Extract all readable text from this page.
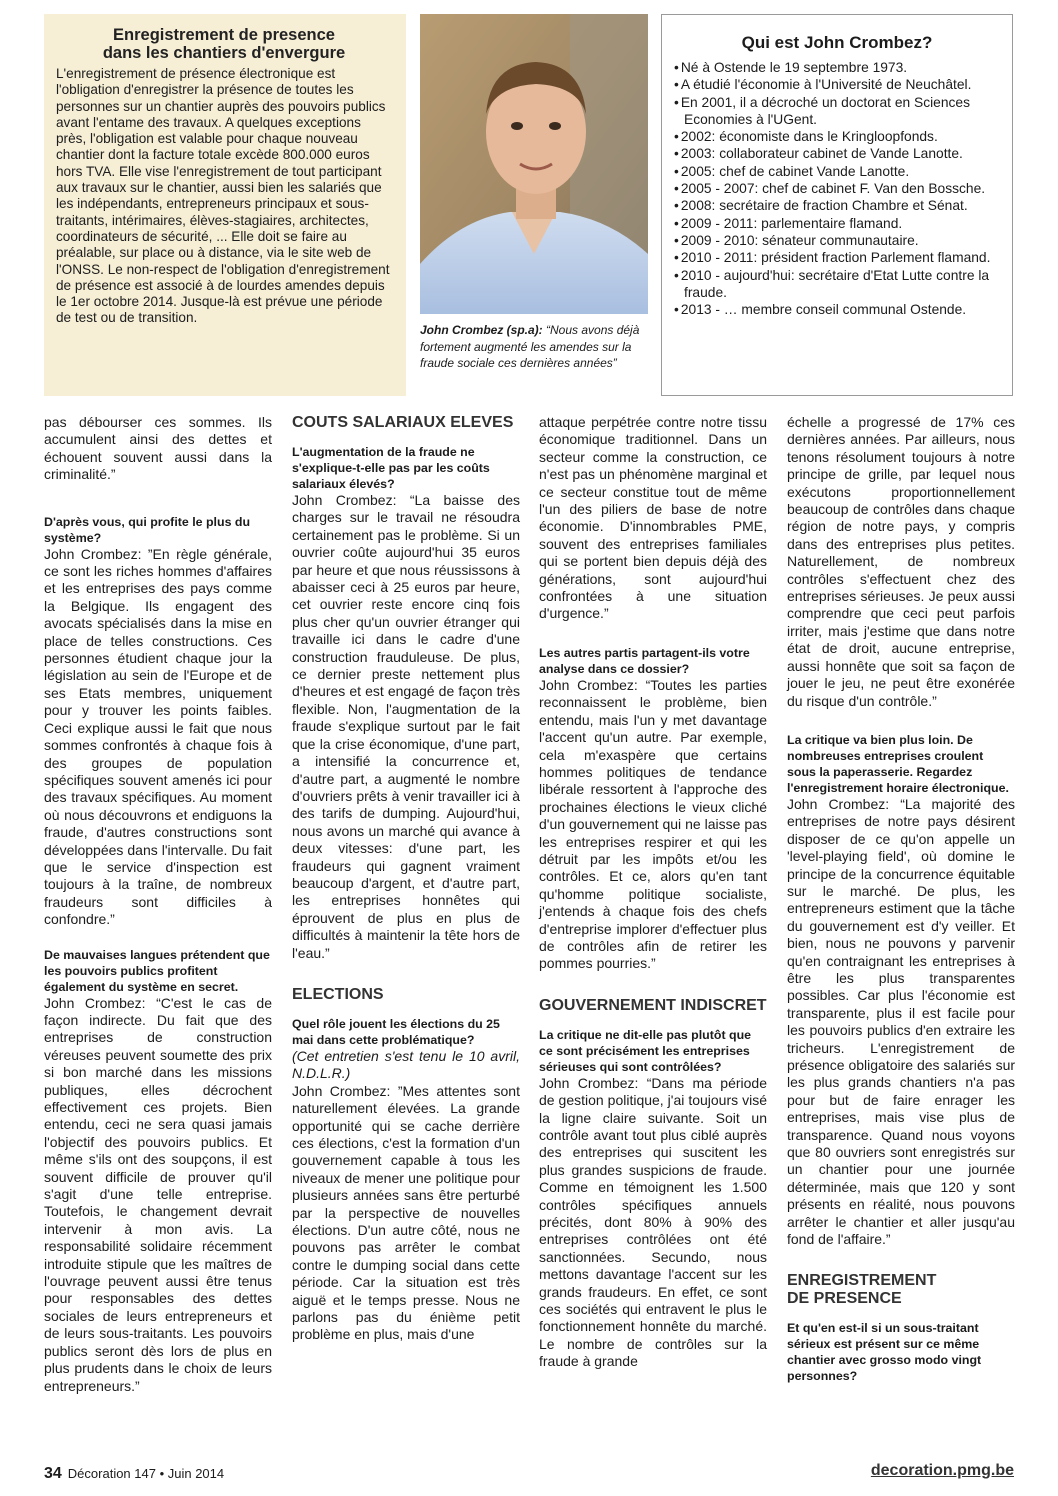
Enregistrement de presence
dans les chantiers d'envergure

L'enregistrement de présence électronique est l'obligation d'enregistrer la présence de toutes les personnes sur un chantier auprès des pouvoirs publics avant l'entame des travaux. A quelques exceptions près, l'obligation est valable pour chaque nouveau chantier dont la facture totale excède 800.000 euros hors TVA. Elle vise l'enregistrement de tout participant aux travaux sur le chantier, aussi bien les salariés que les indépendants, entrepreneurs principaux et sous-traitants, intérimaires, élèves-stagiaires, architectes, coordinateurs de sécurité, ... Elle doit se faire au préalable, sur place ou à distance, via le site web de l'ONSS. Le non-respect de l'obligation d'enregistrement de présence est associé à de lourdes amendes depuis le 1er octobre 2014. Jusque-là est prévue une période de test ou de transition.

John Crombez (sp.a): “Nous avons déjà fortement augmenté les amendes sur la fraude sociale ces dernières années”
Qui est John Crombez?
• Né à Ostende le 19 septembre 1973.
• A étudié l'économie à l'Université de Neuchâtel.
• En 2001, il a décroché un doctorat en Sciences Economies à l'UGent.
• 2002: économiste dans le Kringloopfonds.
• 2003: collaborateur cabinet de Vande Lanotte.
• 2005: chef de cabinet Vande Lanotte.
• 2005 - 2007: chef de cabinet F. Van den Bossche.
• 2008: secrétaire de fraction Chambre et Sénat.
• 2009 - 2011: parlementaire flamand.
• 2009 - 2010: sénateur communautaire.
• 2010 - 2011: président fraction Parlement flamand.
• 2010 - aujourd'hui: secrétaire d'Etat Lutte contre la fraude.
• 2013 - … membre conseil communal Ostende.

pas débourser ces sommes. Ils accumulent ainsi des dettes et échouent souvent aussi dans la criminalité.”

D'après vous, qui profite le plus du système?

John Crombez: ”En règle générale, ce sont les riches hommes d'affaires et les entreprises des pays comme la Belgique. Ils engagent des avocats spécialisés dans la mise en place de telles constructions. Ces personnes étudient chaque jour la législation au sein de l'Europe et de ses Etats membres, uniquement pour y trouver les points faibles. Ceci explique aussi le fait que nous sommes confrontés à chaque fois à des groupes de population spécifiques souvent amenés ici pour des travaux spécifiques. Au moment où nous découvrons et endiguons la fraude, d'autres constructions sont développées dans l'intervalle. Du fait que le service d'inspection est toujours à la traîne, de nombreux fraudeurs sont difficiles à confondre.”

De mauvaises langues prétendent que les pouvoirs publics profitent également du système en secret.

John Crombez: “C'est le cas de façon indirecte. Du fait que des entreprises de construction véreuses peuvent soumette des prix si bon marché dans les missions publiques, elles décrochent effectivement ces projets. Bien entendu, ceci ne sera quasi jamais l'objectif des pouvoirs publics. Et même s'ils ont des soupçons, il est souvent difficile de prouver qu'il s'agit d'une telle entreprise. Toutefois, le changement devrait intervenir à mon avis. La responsabilité solidaire récemment introduite stipule que les maîtres de l'ouvrage peuvent aussi être tenus pour responsables des dettes sociales de leurs entrepreneurs et de leurs sous-traitants. Les pouvoirs publics seront dès lors de plus en plus prudents dans le choix de leurs entrepreneurs.”

COUTS SALARIAUX ELEVES

L'augmentation de la fraude ne s'explique-t-elle pas par les coûts salariaux élevés?

John Crombez: “La baisse des charges sur le travail ne résoudra certainement pas le problème. Si un ouvrier coûte aujourd'hui 35 euros par heure et que nous réussissons à abaisser ceci à 25 euros par heure, cet ouvrier reste encore cinq fois plus cher qu'un ouvrier étranger qui travaille ici dans le cadre d'une construction frauduleuse. De plus, ce dernier preste nettement plus d'heures et est engagé de façon très flexible. Non, l'augmentation de la fraude s'explique surtout par le fait que la crise économique, d'une part, a intensifié la concurrence et, d'autre part, a augmenté le nombre d'ouvriers prêts à venir travailler ici à des tarifs de dumping. Aujourd'hui, nous avons un marché qui avance à deux vitesses: d'une part, les fraudeurs qui gagnent vraiment beaucoup d'argent, et d'autre part, les entreprises honnêtes qui éprouvent de plus en plus de difficultés à maintenir la tête hors de l'eau.”

ELECTIONS

Quel rôle jouent les élections du 25 mai dans cette problématique?

(Cet entretien s'est tenu le 10 avril, N.D.L.R.)

John Crombez: ”Mes attentes sont naturellement élevées. La grande opportunité qui se cache derrière ces élections, c'est la formation d'un gouvernement capable à tous les niveaux de mener une politique pour plusieurs années sans être perturbé par la perspective de nouvelles élections. D'un autre côté, nous ne pouvons pas arrêter le combat contre le dumping social dans cette période. Car la situation est très aiguë et le temps presse. Nous ne parlons pas du énième petit problème en plus, mais d'une

attaque perpétrée contre notre tissu économique traditionnel. Dans un secteur comme la construction, ce n'est pas un phénomène marginal et ce secteur constitue tout de même l'un des piliers de base de notre économie. D'innombrables PME, souvent des entreprises familiales qui se portent bien depuis déjà des générations, sont aujourd'hui confrontées à une situation d'urgence.”

Les autres partis partagent-ils votre analyse dans ce dossier?

John Crombez: “Toutes les parties reconnaissent le problème, bien entendu, mais l'un y met davantage l'accent qu'un autre. Par exemple, cela m'exaspère que certains hommes politiques de tendance libérale ressortent à l'approche des prochaines élections le vieux cliché d'un gouvernement qui ne laisse pas les entreprises respirer et qui les détruit par les impôts et/ou les contrôles. Et ce, alors qu'en tant qu'homme politique socialiste, j'entends à chaque fois des chefs d'entreprise implorer d'effectuer plus de contrôles afin de retirer les pommes pourries.”

GOUVERNEMENT INDISCRET

La critique ne dit-elle pas plutôt que ce sont précisément les entreprises sérieuses qui sont contrôlées?

John Crombez: “Dans ma période de gestion politique, j'ai toujours visé la ligne claire suivante. Soit un contrôle avant tout plus ciblé auprès des entreprises qui suscitent les plus grandes suspicions de fraude. Comme en témoignent les 1.500 contrôles spécifiques annuels précités, dont 80% à 90% des entreprises contrôlées ont été sanctionnées. Secundo, nous mettons davantage l'accent sur les grands fraudeurs. En effet, ce sont ces sociétés qui entravent le plus le fonctionnement honnête du marché. Le nombre de contrôles sur la fraude à grande

échelle a progressé de 17% ces dernières années. Par ailleurs, nous tenons résolument toujours à notre principe de grille, par lequel nous exécutons proportionnellement beaucoup de contrôles dans chaque région de notre pays, y compris dans des entreprises plus petites. Naturellement, de nombreux contrôles s'effectuent chez des entreprises sérieuses. Je peux aussi comprendre que ceci peut parfois irriter, mais j'estime que dans notre état de droit, aucune entreprise, aussi honnête que soit sa façon de jouer le jeu, ne peut être exonérée du risque d'un contrôle.”

La critique va bien plus loin. De nombreuses entreprises croulent sous la paperasserie. Regardez l'enregistrement horaire électronique.

John Crombez: “La majorité des entreprises de notre pays désirent disposer de ce qu'on appelle un 'level-playing field', où domine le principe de la concurrence équitable sur le marché. De plus, les entrepreneurs estiment que la tâche du gouvernement est d'y veiller. Et bien, nous ne pouvons y parvenir qu'en contraignant les entreprises à être les plus transparentes possibles. Car plus l'économie est transparente, plus il est facile pour les pouvoirs publics d'en extraire les tricheurs. L'enregistrement de présence obligatoire des salariés sur les plus grands chantiers n'a pas pour but de faire enrager les entreprises, mais vise plus de transparence. Quand nous voyons que 80 ouvriers sont enregistrés sur un chantier pour une journée déterminée, mais que 120 y sont présents en réalité, nous pouvons arrêter le chantier et aller jusqu'au fond de l'affaire.”

ENREGISTREMENT
DE PRESENCE

Et qu'en est-il si un sous-traitant sérieux est présent sur ce même chantier avec grosso modo vingt personnes?

34 Décoration 147 • Juin 2014	decoration.pmg.be
